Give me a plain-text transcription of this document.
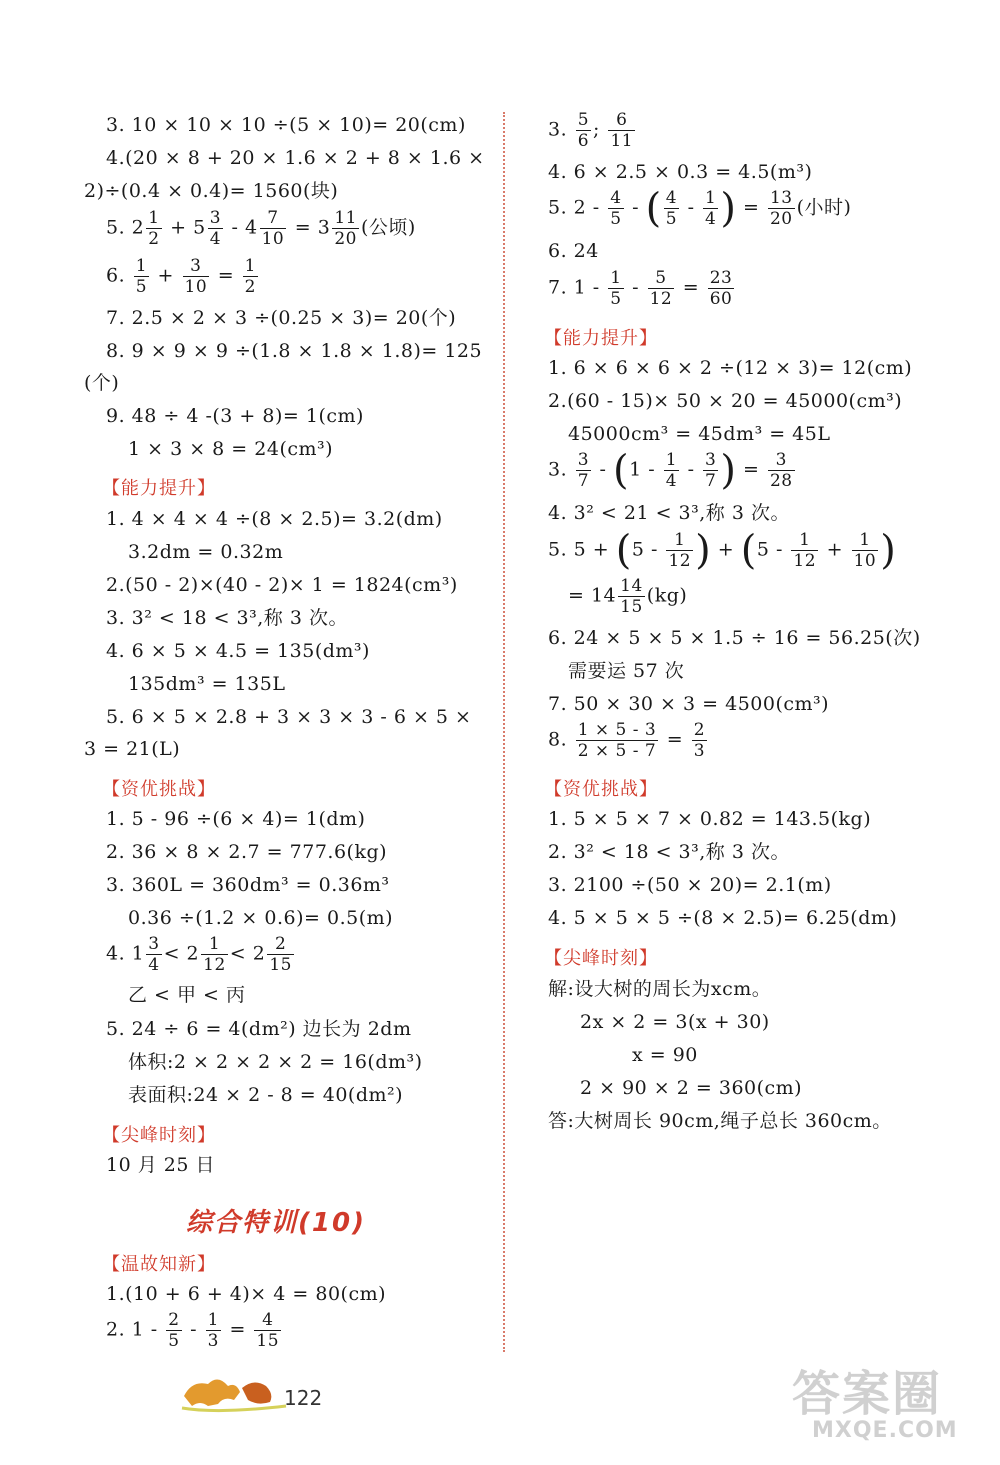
3. 10 × 10 × 10 ÷(5 × 10)= 20(cm)
4.(20 × 8 + 20 × 1.6 × 2 + 8 × 1.6 ×
2)÷(0.4 × 0.4)= 1560(块)
5. $2 \frac{1}{2} + 5 \frac{3}{4} - 4 \frac{7}{10} = 3 \frac{11}{20}$ (公顷)
6. $\frac{1}{5} + \frac{3}{10} = \frac{1}{2}$
7. 2.5 × 2 × 3 ÷(0.25 × 3)= 20(个)
8. 9 × 9 × 9 ÷(1.8 × 1.8 × 1.8)= 125
(个)
9. 48 ÷ 4 -(3 + 8)= 1(cm)
1 × 3 × 8 = 24(cm³)
【能力提升】
1. 4 × 4 × 4 ÷(8 × 2.5)= 3.2(dm)
3.2dm = 0.32m
2.(50 - 2)×(40 - 2)× 1 = 1824(cm³)
3. 3² < 18 < 3³,称 3 次。
4. 6 × 5 × 4.5 = 135(dm³)
135dm³ = 135L
5. 6 × 5 × 2.8 + 3 × 3 × 3 - 6 × 5 ×
3 = 21(L)
【资优挑战】
1. 5 - 96 ÷(6 × 4)= 1(dm)
2. 36 × 8 × 2.7 = 777.6(kg)
3. 360L = 360dm³ = 0.36m³
0.36 ÷(1.2 × 0.6)= 0.5(m)
4. $1 \frac{3}{4} < 2 \frac{1}{12} < 2 \frac{2}{15}$
乙 < 甲 < 丙
5. 24 ÷ 6 = 4(dm²) 边长为 2dm
体积:2 × 2 × 2 × 2 = 16(dm³)
表面积:24 × 2 - 8 = 40(dm²)
【尖峰时刻】
10 月 25 日
综合特训(10)
【温故知新】
1.(10 + 6 + 4)× 4 = 80(cm)
2. $1 - \frac{2}{5} - \frac{1}{3} = \frac{4}{15}$
3. $\frac{5}{6}$ ; $\frac{6}{11}$
4. 6 × 2.5 × 0.3 = 4.5(m³)
5. $2 - \frac{4}{5}$ - ( $\frac{4}{5} - \frac{1}{4}$ ) = $\frac{13}{20}$ (小时)
6. 24
7. $1 - \frac{1}{5} - \frac{5}{12} = \frac{23}{60}$
【能力提升】
1. 6 × 6 × 6 × 2 ÷(12 × 3)= 12(cm)
2.(60 - 15)× 50 × 20 = 45000(cm³)
45000cm³ = 45dm³ = 45L
3. $\frac{3}{7} - (1 - \frac{1}{4} - \frac{3}{7}$ ) = $\frac{3}{28}$
4. 3² < 21 < 3³,称 3 次。
5. $5 + (5 - \frac{1}{12}$ ) + ($5 - \frac{1}{12} + \frac{1}{10}$ )
= $14 \frac{14}{15} (kg)$
6. 24 × 5 × 5 × 1.5 ÷ 16 = 56.25(次)
需要运 57 次
7. 50 × 30 × 3 = 4500(cm³)
8. $\frac{1 \times 5 - 3}{2 \times 5 - 7} = \frac{2}{3}$
【资优挑战】
1. 5 × 5 × 7 × 0.82 = 143.5(kg)
2. 3² < 18 < 3³,称 3 次。
3. 2100 ÷(50 × 20)= 2.1(m)
4. 5 × 5 × 5 ÷(8 × 2.5)= 6.25(dm)
【尖峰时刻】
解:设大树的周长为xcm。
2x × 2 = 3(x + 30)
x = 90
2 × 90 × 2 = 360(cm)
答:大树周长 90cm,绳子总长 360cm。
122	答案圈
MXQE.COM
